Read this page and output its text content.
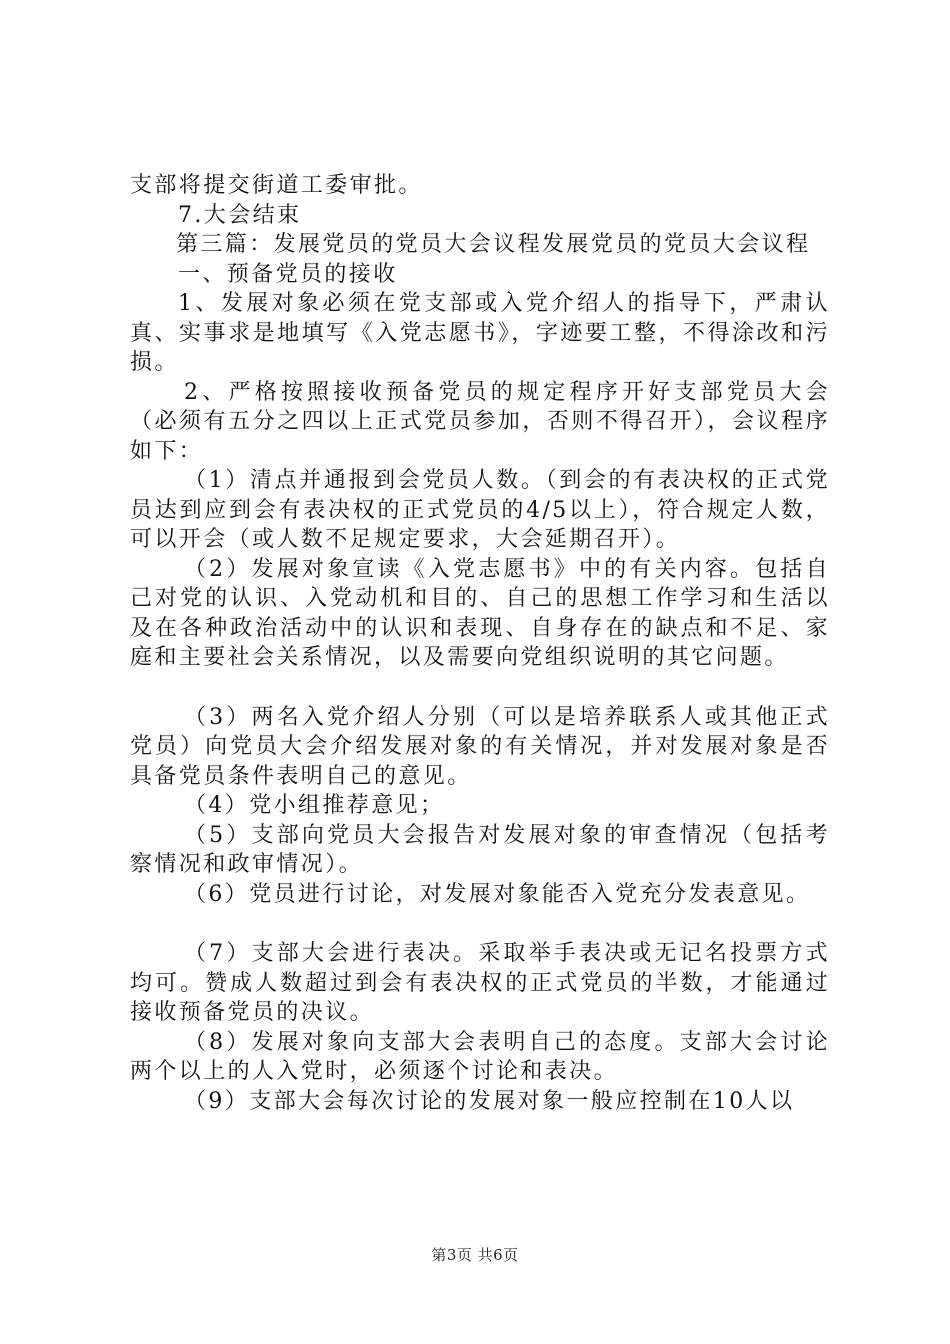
支部将提交街道工委审批。

7.大会结束

第三篇：发展党员的党员大会议程发展党员的党员大会议程

一、预备党员的接收

1、发展对象必须在党支部或入党介绍人的指导下，严肃认真、实事求是地填写《入党志愿书》，字迹要工整，不得涂改和污损。

2、严格按照接收预备党员的规定程序开好支部党员大会（必须有五分之四以上正式党员参加，否则不得召开），会议程序如下：

（1）清点并通报到会党员人数。（到会的有表决权的正式党员达到应到会有表决权的正式党员的4/5以上），符合规定人数，可以开会（或人数不足规定要求，大会延期召开）。

（2）发展对象宣读《入党志愿书》中的有关内容。包括自己对党的认识、入党动机和目的、自己的思想工作学习和生活以及在各种政治活动中的认识和表现、自身存在的缺点和不足、家庭和主要社会关系情况，以及需要向党组织说明的其它问题。

（3）两名入党介绍人分别（可以是培养联系人或其他正式党员）向党员大会介绍发展对象的有关情况，并对发展对象是否具备党员条件表明自己的意见。

（4）党小组推荐意见；

（5）支部向党员大会报告对发展对象的审查情况（包括考察情况和政审情况）。

（6）党员进行讨论，对发展对象能否入党充分发表意见。

（7）支部大会进行表决。采取举手表决或无记名投票方式均可。赞成人数超过到会有表决权的正式党员的半数，才能通过接收预备党员的决议。

（8）发展对象向支部大会表明自己的态度。支部大会讨论两个以上的人入党时，必须逐个讨论和表决。

（9）支部大会每次讨论的发展对象一般应控制在10人以

第3页 共6页
